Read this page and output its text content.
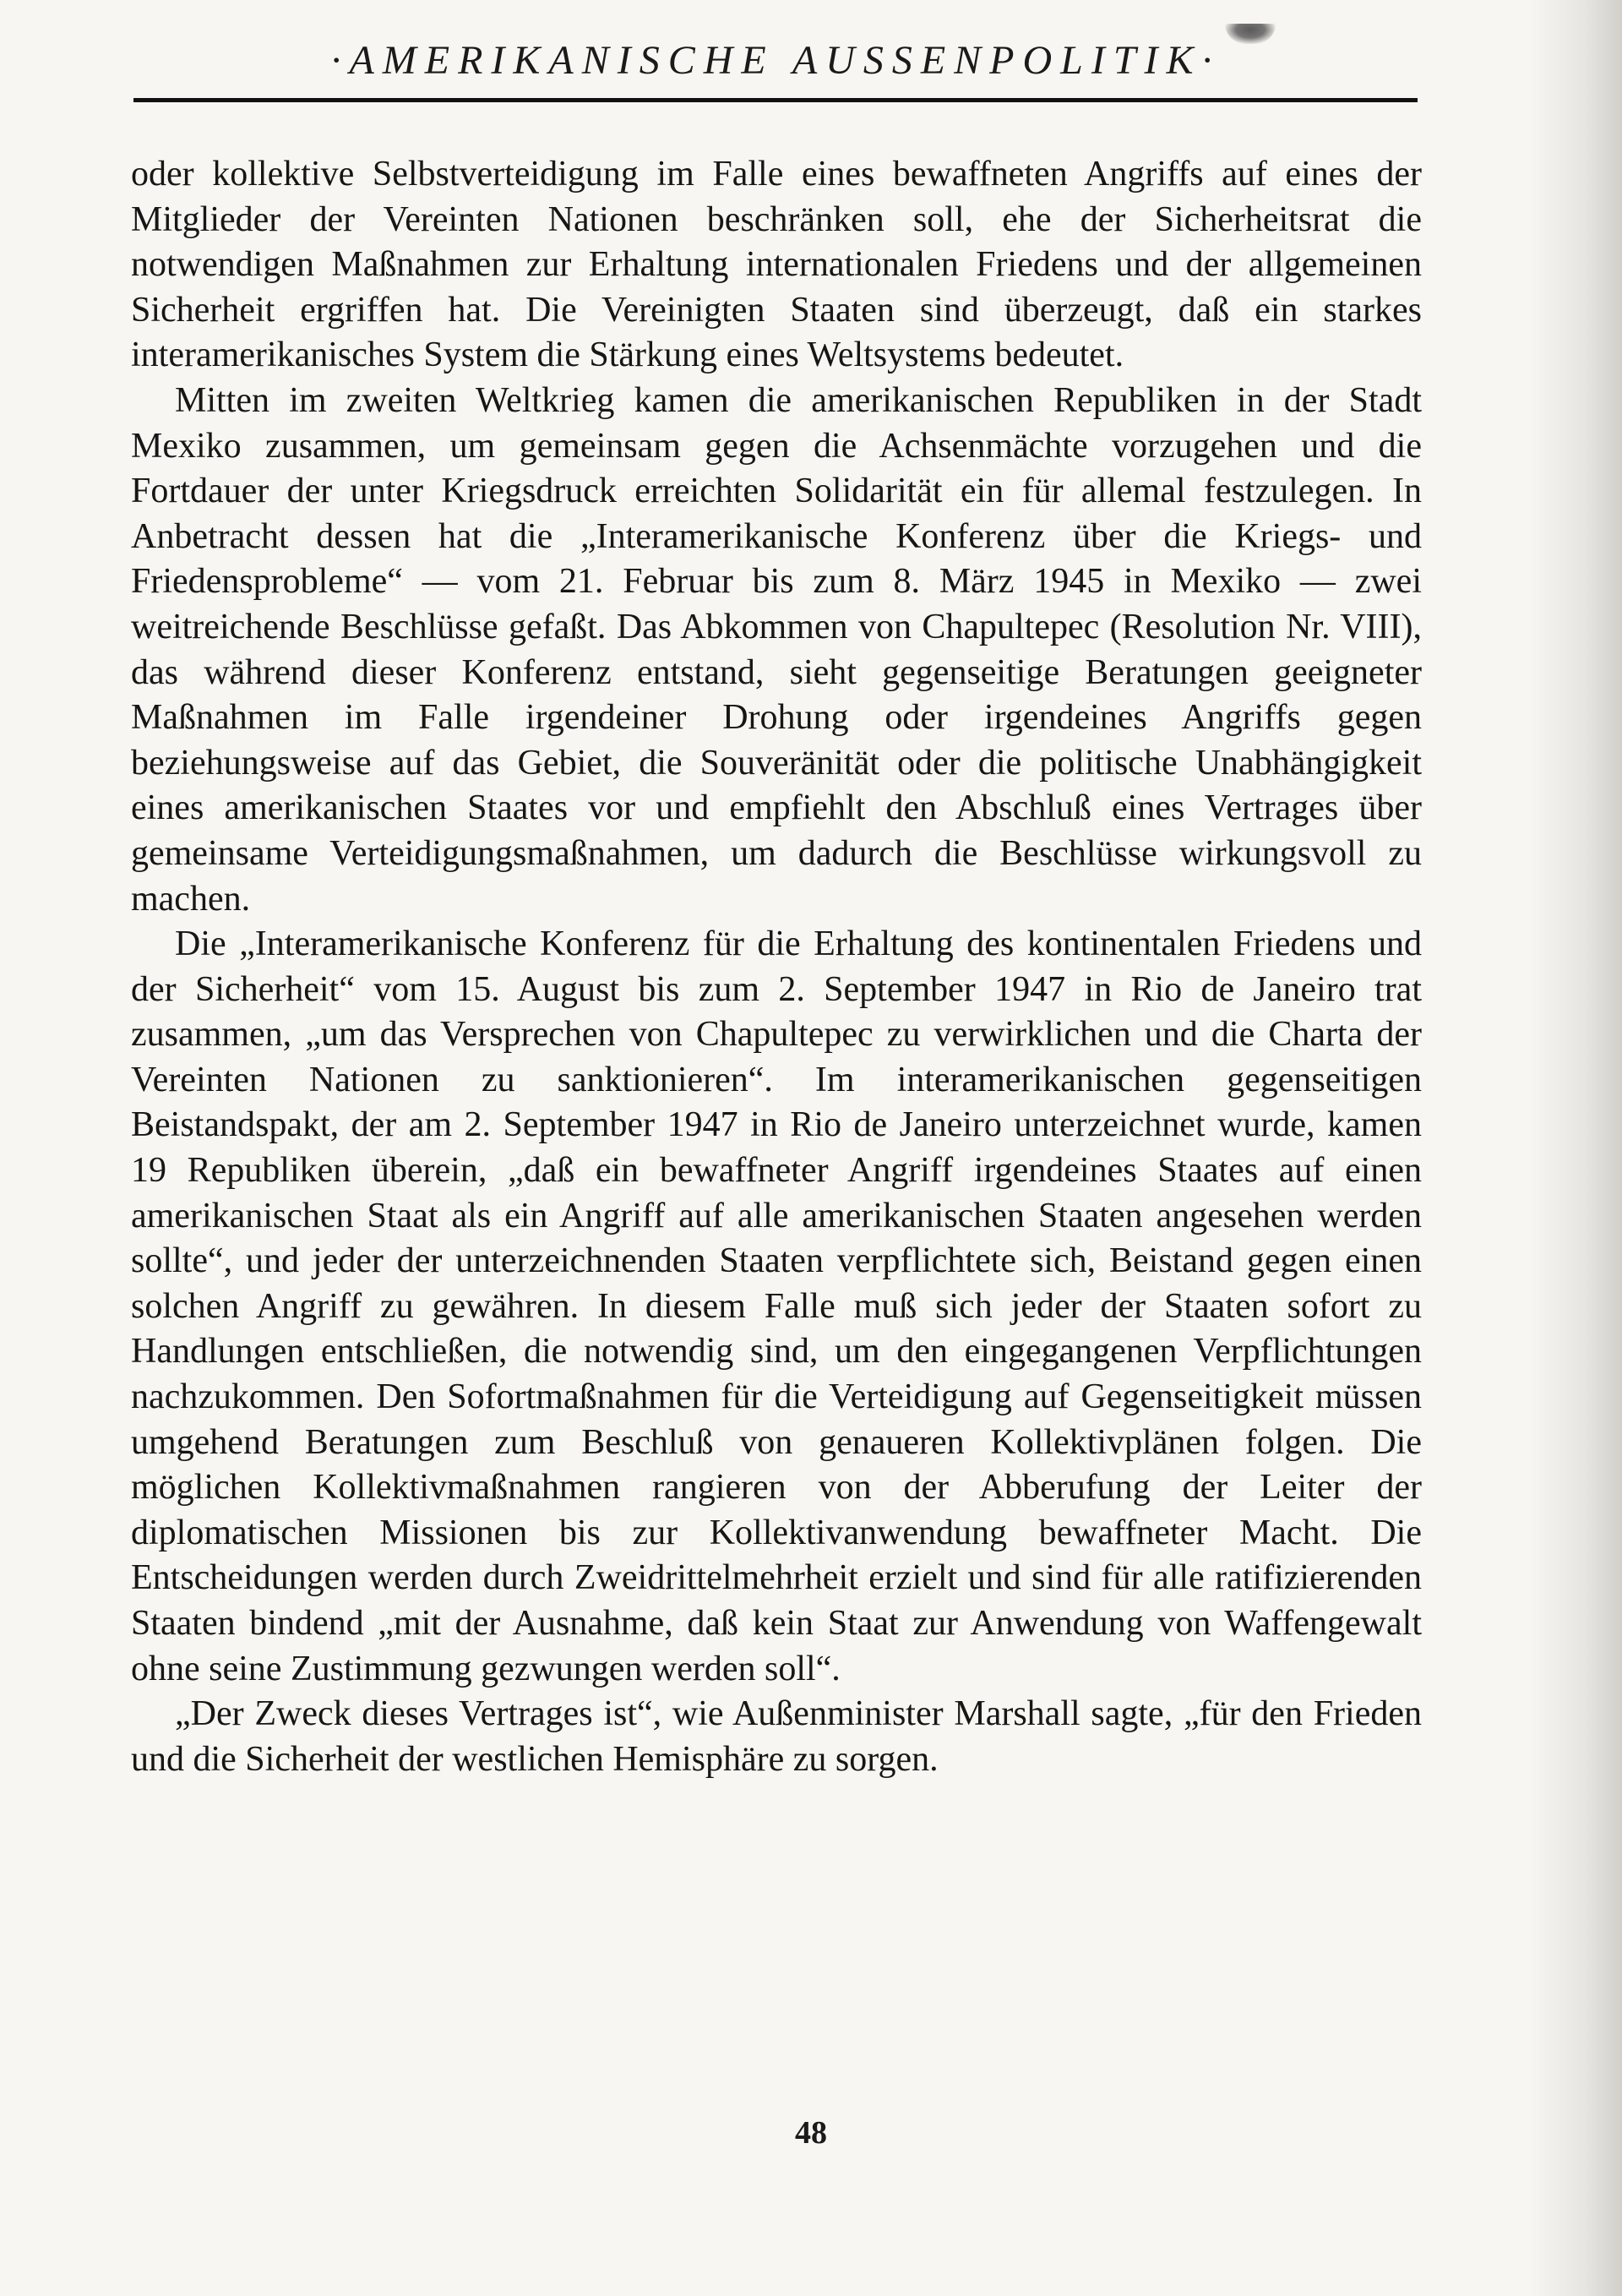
·AMERIKANISCHE AUSSENPOLITIK·

oder kollektive Selbstverteidigung im Falle eines bewaffneten Angriffs auf eines der Mitglieder der Vereinten Nationen beschränken soll, ehe der Sicherheitsrat die notwendigen Maßnahmen zur Erhaltung internationalen Friedens und der allgemeinen Sicherheit ergriffen hat. Die Vereinigten Staaten sind überzeugt, daß ein starkes interamerikanisches System die Stärkung eines Weltsystems bedeutet.

Mitten im zweiten Weltkrieg kamen die amerikanischen Republiken in der Stadt Mexiko zusammen, um gemeinsam gegen die Achsenmächte vorzugehen und die Fortdauer der unter Kriegsdruck erreichten Solidarität ein für allemal festzulegen. In Anbetracht dessen hat die „Interamerikanische Konferenz über die Kriegs- und Friedensprobleme“ — vom 21. Februar bis zum 8. März 1945 in Mexiko — zwei weitreichende Beschlüsse gefaßt. Das Abkommen von Chapultepec (Resolution Nr. VIII), das während dieser Konferenz entstand, sieht gegenseitige Beratungen geeigneter Maßnahmen im Falle irgendeiner Drohung oder irgendeines Angriffs gegen beziehungsweise auf das Gebiet, die Souveränität oder die politische Unabhängigkeit eines amerikanischen Staates vor und empfiehlt den Abschluß eines Vertrages über gemeinsame Verteidigungsmaßnahmen, um dadurch die Beschlüsse wirkungsvoll zu machen.

Die „Interamerikanische Konferenz für die Erhaltung des kontinentalen Friedens und der Sicherheit“ vom 15. August bis zum 2. September 1947 in Rio de Janeiro trat zusammen, „um das Versprechen von Chapultepec zu verwirklichen und die Charta der Vereinten Nationen zu sanktionieren“. Im interamerikanischen gegenseitigen Beistandspakt, der am 2. September 1947 in Rio de Janeiro unterzeichnet wurde, kamen 19 Republiken überein, „daß ein bewaffneter Angriff irgendeines Staates auf einen amerikanischen Staat als ein Angriff auf alle amerikanischen Staaten angesehen werden sollte“, und jeder der unterzeichnenden Staaten verpflichtete sich, Beistand gegen einen solchen Angriff zu gewähren. In diesem Falle muß sich jeder der Staaten sofort zu Handlungen entschließen, die notwendig sind, um den eingegangenen Verpflichtungen nachzukommen. Den Sofortmaßnahmen für die Verteidigung auf Gegenseitigkeit müssen umgehend Beratungen zum Beschluß von genaueren Kollektivplänen folgen. Die möglichen Kollektivmaßnahmen rangieren von der Abberufung der Leiter der diplomatischen Missionen bis zur Kollektivanwendung bewaffneter Macht. Die Entscheidungen werden durch Zweidrittelmehrheit erzielt und sind für alle ratifizierenden Staaten bindend „mit der Ausnahme, daß kein Staat zur Anwendung von Waffengewalt ohne seine Zustimmung gezwungen werden soll“.

„Der Zweck dieses Vertrages ist“, wie Außenminister Marshall sagte, „für den Frieden und die Sicherheit der westlichen Hemisphäre zu sorgen.

48
